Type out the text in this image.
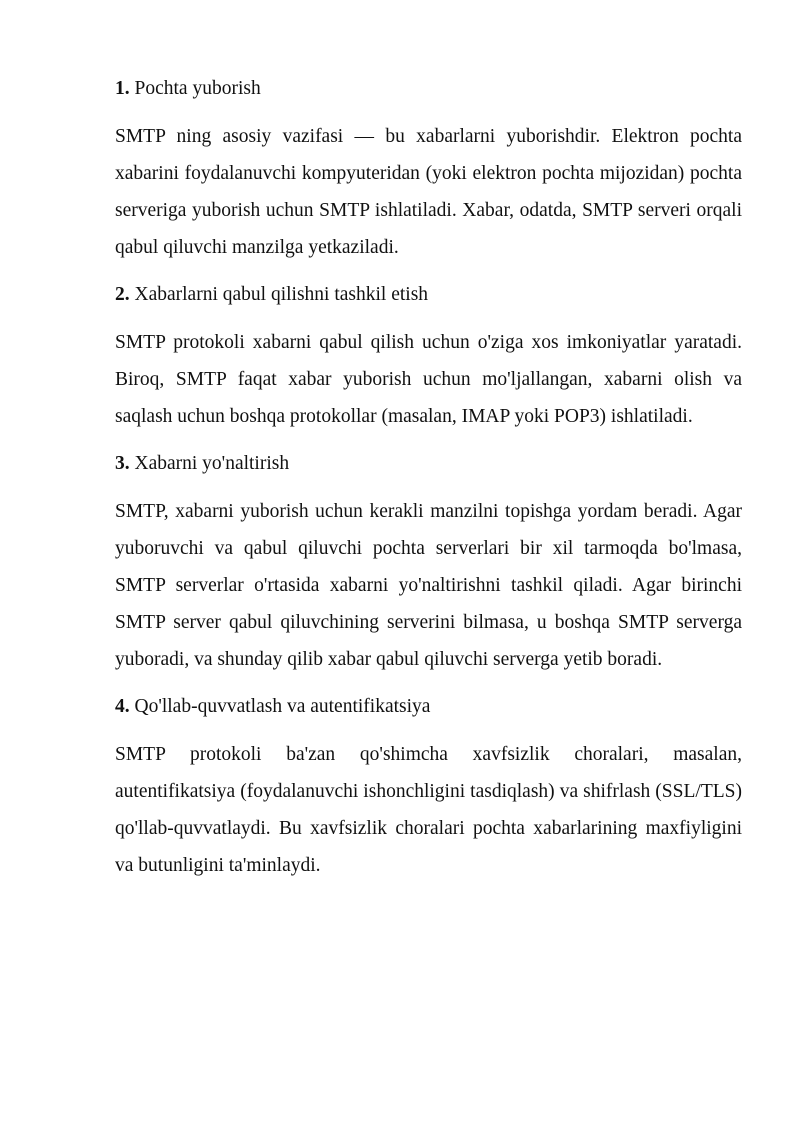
1. Pochta yuborish

SMTP ning asosiy vazifasi — bu xabarlarni yuborishdir. Elektron pochta xabarini foydalanuvchi kompyuteridan (yoki elektron pochta mijozidan) pochta serveriga yuborish uchun SMTP ishlatiladi. Xabar, odatda, SMTP serveri orqali qabul qiluvchi manzilga yetkaziladi.

2. Xabarlarni qabul qilishni tashkil etish

SMTP protokoli xabarni qabul qilish uchun o'ziga xos imkoniyatlar yaratadi. Biroq, SMTP faqat xabar yuborish uchun mo'ljallangan, xabarni olish va saqlash uchun boshqa protokollar (masalan, IMAP yoki POP3) ishlatiladi.

3. Xabarni yo'naltirish

SMTP, xabarni yuborish uchun kerakli manzilni topishga yordam beradi. Agar yuboruvchi va qabul qiluvchi pochta serverlari bir xil tarmoqda bo'lmasa, SMTP serverlar o'rtasida xabarni yo'naltirishni tashkil qiladi. Agar birinchi SMTP server qabul qiluvchining serverini bilmasa, u boshqa SMTP serverga yuboradi, va shunday qilib xabar qabul qiluvchi serverga yetib boradi.

4. Qo'llab-quvvatlash va autentifikatsiya

SMTP protokoli ba'zan qo'shimcha xavfsizlik choralari, masalan, autentifikatsiya (foydalanuvchi ishonchligini tasdiqlash) va shifrlash (SSL/TLS) qo'llab-quvvatlaydi. Bu xavfsizlik choralari pochta xabarlarining maxfiyligini va butunligini ta'minlaydi.
